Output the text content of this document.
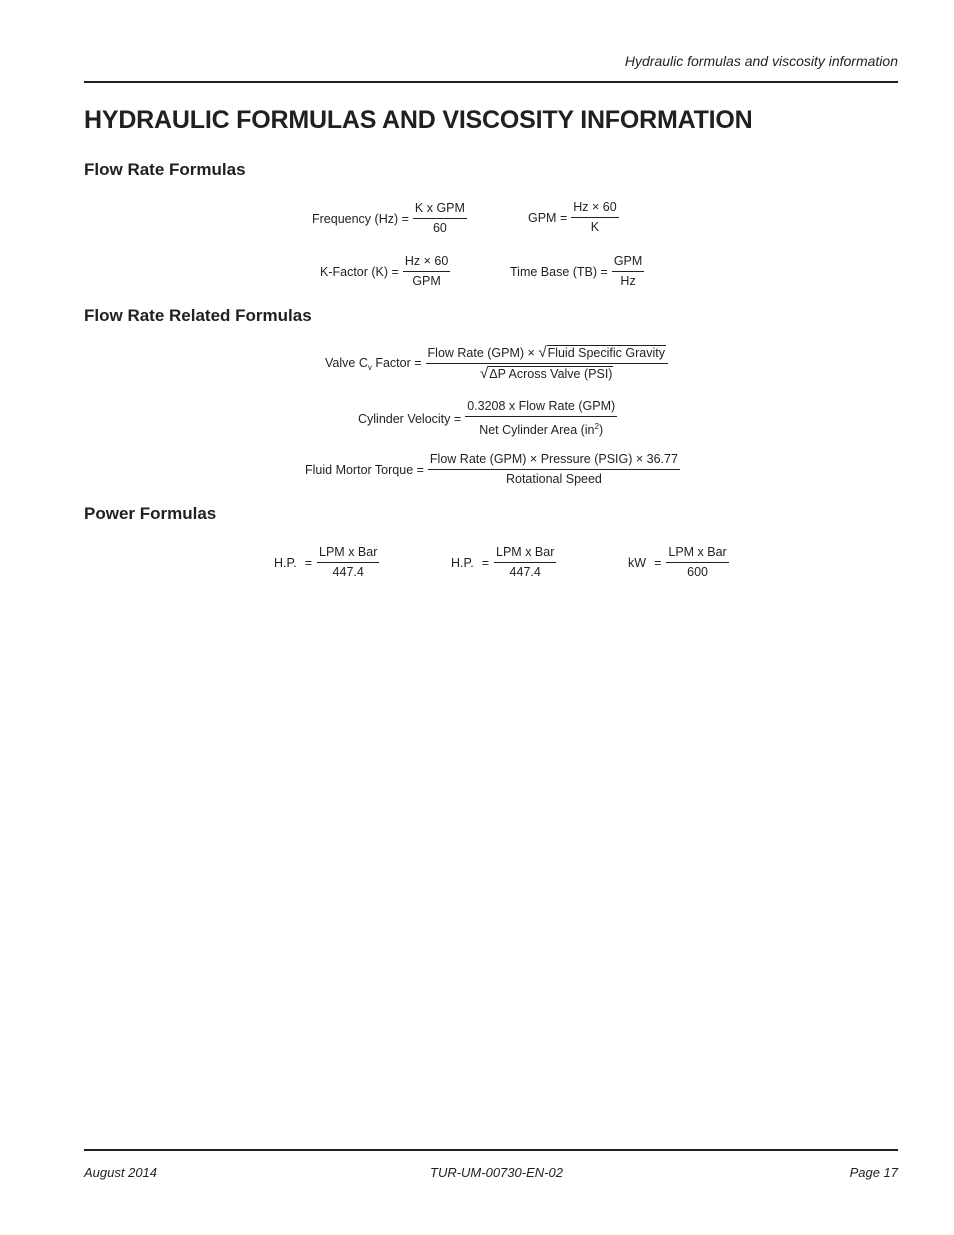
Hydraulic formulas and viscosity information
HYDRAULIC FORMULAS AND VISCOSITY INFORMATION
Flow Rate Formulas
Frequency $(Hz) = \frac{\text{K x GPM}}{60}$	GPM = $\frac{Hz \times 60}{K}$
K-Factor $(K) = \frac{Hz \times 60}{\text{GPM}}$	Time Base $(TB) = \frac{\text{GPM}}{Hz}$
Flow Rate Related Formulas
Valve $C_v$ Factor = $\frac{\text{Flow Rate (GPM) × √ Fluid Specific Gravity}}{\text{√ ΔP Across Valve (PSI)}}$
Cylinder Velocity = $\frac{\text{0.3208 x Flow Rate (GPM)}}{Net Cylinder Area (in^2)}$
Fluid Mortor Torque = $\frac{\text{Flow Rate (GPM) × Pressure (PSIG) × 36.77}}{\text{Rotational Speed}}$
Power Formulas
H.P. = $\frac{\text{LPM x Bar}}{447.4}$	H.P. = $\frac{\text{LPM x Bar}}{447.4}$	kW = $\frac{\text{LPM x Bar}}{600}$
August 2014	TUR-UM-00730-EN-02	Page 17
